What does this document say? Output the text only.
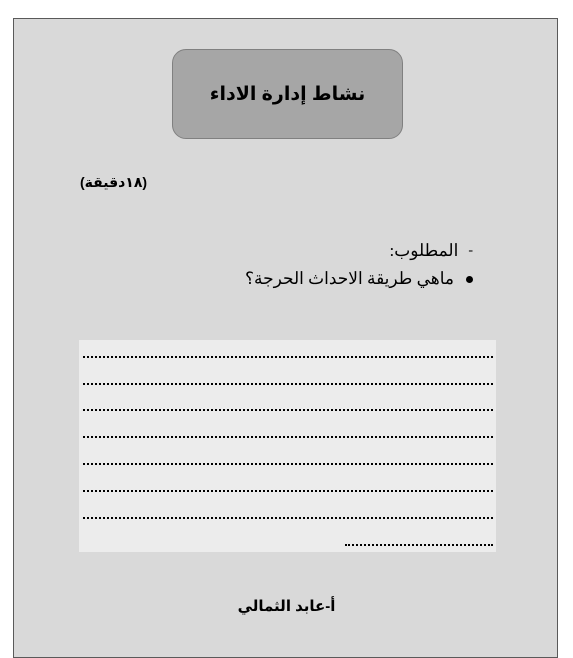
نشاط إدارة الاداء
(١٨دقيقة)
-
المطلوب:
ماهي طريقة الاحداث الحرجة؟
أ-عابد الثمالي
